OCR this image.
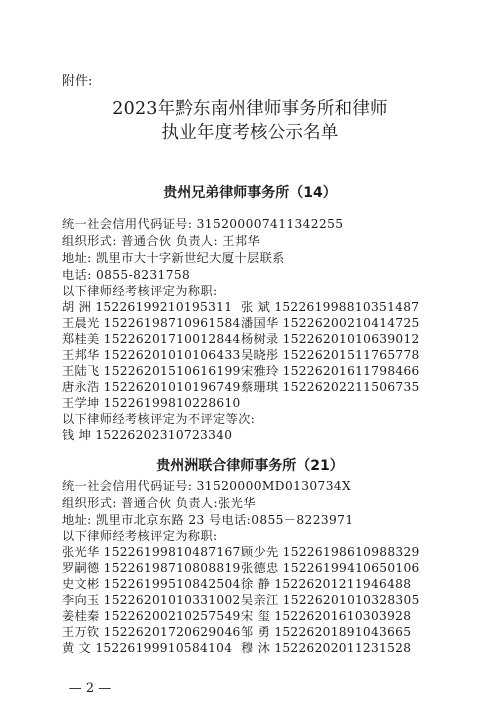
附件:
2023年黔东南州律师事务所和律师
执业年度考核公示名单
贵州兄弟律师事务所（14）
统一社会信用代码证号: 315200007411342255
组织形式: 普通合伙 负责人: 王邦华
地址: 凯里市大十字新世纪大厦十层联系
电话: 0855-8231758
以下律师经考核评定为称职:
胡 洲 15226199210195311 张 斌 15226199881035148​7
王晨光 15226198710961584 潘国华 15226200210414725
郑桂美 15226201710012844 杨树录 15226201010639012
王邦华 15226201010106433 吴晓彤 15226201511765778
王陆飞 15226201510616199 宋雅玲 15226201611798466
唐永浩 15226201010196749 蔡珊琪 15226202211506735
王学坤 15226199810228610
以下律师经考核评定为不评定等次:
钱 坤 15226202310723340
贵州洲联合律师事务所（21）
统一社会信用代码证号: 31520000MD0130734X
组织形式: 普通合伙 负责人:张光华
地址: 凯里市北京东路 23 号电话:0855－8223971
以下律师经考核评定为称职:
张光华 15226199810487167 顾少先 15226198610988329
罗嗣德 15226198710808819 张德忠 15226199410650106
史文彬 15226199510842504 徐 静 15226201211946488
李向玉 15226201010331002 吴亲江 15226201010328305
姜桂秦 15226200210257549 宋 玺 15226201610303928
王万钦 15226201720629046 邹 勇 15226201891043665
黄 文 15226199910584104 穆 沐 15226202011231528
— 2 —
